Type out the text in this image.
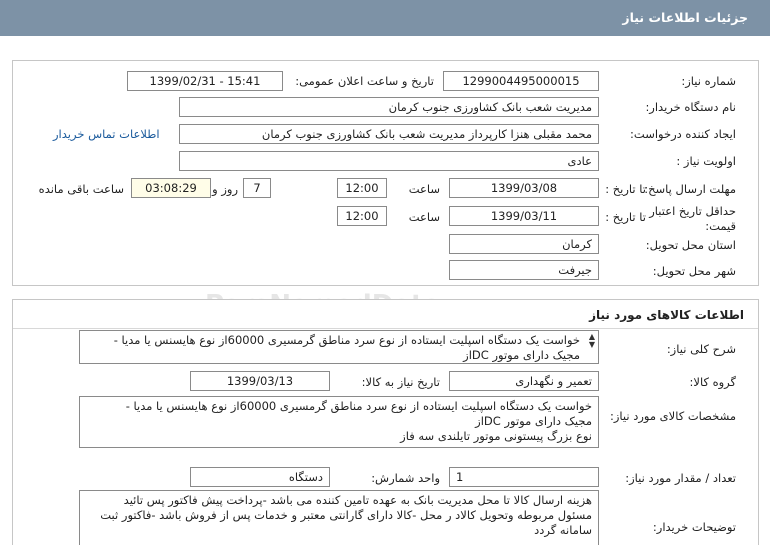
جزئیات اطلاعات نیاز
شماره نیاز:
1299004495000015
تاریخ و ساعت اعلان عمومی:
1399/02/31 - 15:41
نام دستگاه خریدار:
مدیریت شعب بانک کشاورزی جنوب کرمان
ایجاد کننده درخواست:
محمد مقبلی هنزا کارپرداز مدیریت شعب بانک کشاورزی جنوب کرمان
اطلاعات تماس خریدار
اولویت نیاز :
عادی
مهلت ارسال پاسخ:
تا تاریخ :
1399/03/08
ساعت
12:00
7
روز و
03:08:29
ساعت باقی مانده
حداقل تاریخ اعتبار
قیمت:
تا تاریخ :
1399/03/11
ساعت
12:00
استان محل تحویل:
کرمان
شهر محل تحویل:
جیرفت
اطلاعات کالاهای مورد نیاز
شرح کلی نیاز:
خواست یک دستگاه اسپلیت ایستاده از نوع سرد مناطق گرمسیری 60000از نوع هایسنس یا مدیا - مجیک دارای موتور DCاز
▲
▼
گروه کالا:
تعمیر و نگهداری
تاریخ نیاز به کالا:
1399/03/13
مشخصات کالای مورد نیاز:
خواست یک دستگاه اسپلیت ایستاده از نوع سرد مناطق گرمسیری 60000از نوع هایسنس یا مدیا -
مجیک دارای موتور DCاز
نوع بزرگ پیستونی موتور تایلندی سه فاز
تعداد / مقدار مورد نیاز:
1
واحد شمارش:
دستگاه
توضیحات خریدار:
هزینه ارسال کالا تا محل مدیریت بانک به عهده تامین کننده می باشد -پرداخت پیش فاکتور پس تائید مسئول مربوطه وتحویل کالاد ر محل -کالا دارای گارانتی معتبر و خدمات پس از فروش باشد -فاکتور ثبت سامانه گردد
